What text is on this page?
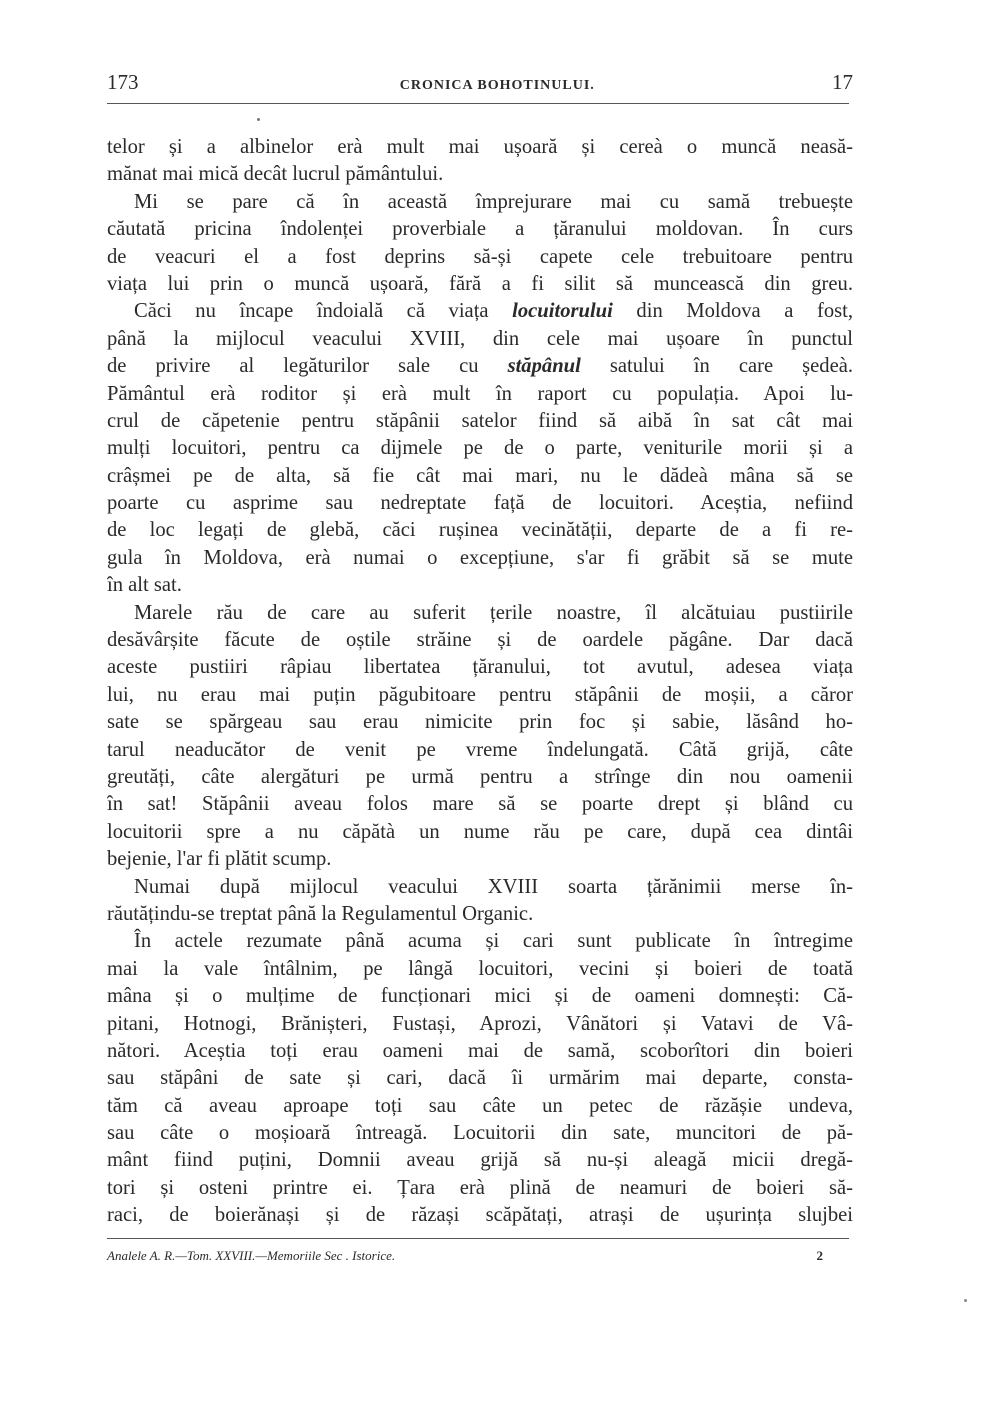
173	CRONICA BOHOTINULUI.	17
telor și a albinelor erà mult mai ușoară și cereà o muncă neasă-
mănat mai mică decât lucrul pământului.
Mi se pare că în această împrejurare mai cu samă trebuește
căutată pricina îndolenței proverbiale a țăranului moldovan. În curs
de veacuri el a fost deprins să-și capete cele trebuitoare pentru
viața lui prin o muncă ușoară, fără a fi silit să muncească din greu.
Căci nu încape îndoială că viața locuitorului din Moldova a fost,
până la mijlocul veacului XVIII, din cele mai ușoare în punctul
de privire al legăturilor sale cu stăpânul satului în care ședeà.
Pământul erà roditor și erà mult în raport cu populația. Apoi lu-
crul de căpetenie pentru stăpânii satelor fiind să aibă în sat cât mai
mulți locuitori, pentru ca dijmele pe de o parte, veniturile morii și a
crâșmei pe de alta, să fie cât mai mari, nu le dădeà mâna să se
poarte cu asprime sau nedreptate față de locuitori. Aceștia, nefiind
de loc legați de glebă, căci rușinea vecinătății, departe de a fi re-
gula în Moldova, erà numai o excepțiune, s'ar fi grăbit să se mute
în alt sat.
Marele rău de care au suferit țerile noastre, îl alcătuiau pustiirile
desăvârșite făcute de oștile străine și de oardele păgâne. Dar dacă
aceste pustiiri râpiau libertatea țăranului, tot avutul, adesea viața
lui, nu erau mai puțin păgubitoare pentru stăpânii de moșii, a căror
sate se spărgeau sau erau nimicite prin foc și sabie, lăsând ho-
tarul neaducător de venit pe vreme îndelungată. Câtă grijă, câte
greutăți, câte alergături pe urmă pentru a strînge din nou oamenii
în sat! Stăpânii aveau folos mare să se poarte drept și blând cu
locuitorii spre a nu căpătà un nume rău pe care, după cea dintâi
bejenie, l'ar fi plătit scump.
Numai după mijlocul veacului XVIII soarta țărănimii merse în-
răutățindu-se treptat până la Regulamentul Organic.
În actele rezumate până acuma și cari sunt publicate în întregime
mai la vale întâlnim, pe lângă locuitori, vecini și boieri de toată
mâna și o mulțime de funcționari mici și de oameni domnești: Că-
pitani, Hotnogi, Brănișteri, Fustași, Aprozi, Vânători și Vatavi de Vâ-
nători. Aceștia toți erau oameni mai de samă, scoborîtori din boieri
sau stăpâni de sate și cari, dacă îi urmărim mai departe, consta-
tăm că aveau aproape toți sau câte un petec de răzășie undeva,
sau câte o moșioară întreagă. Locuitorii din sate, muncitori de pă-
mânt fiind puțini, Domnii aveau grijă să nu-și aleagă micii dregă-
tori și osteni printre ei. Țara erà plină de neamuri de boieri să-
raci, de boierănași și de răzași scăpătați, atrași de ușurința slujbei
Analele A. R.—Tom. XXVIII.—Memoriile Sec . Istorice.	2
